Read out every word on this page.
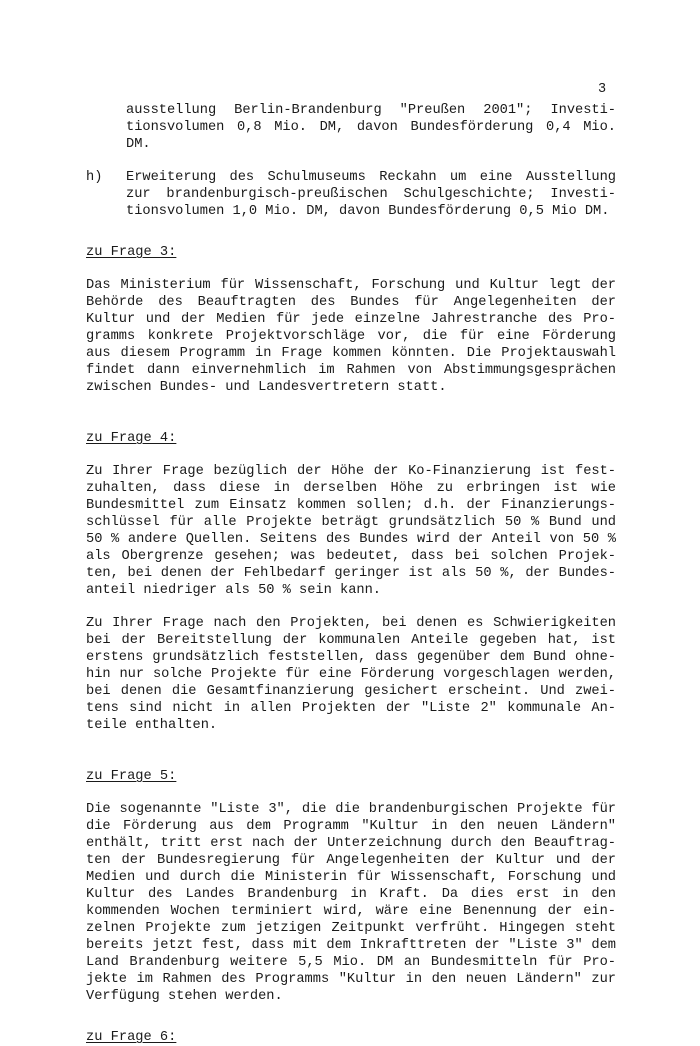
3
ausstellung Berlin-Brandenburg "Preußen 2001"; Investi-
tionsvolumen 0,8 Mio. DM, davon Bundesförderung 0,4 Mio.
DM.
h) Erweiterung des Schulmuseums Reckahn um eine Ausstellung
zur brandenburgisch-preußischen Schulgeschichte; Investi-
tionsvolumen 1,0 Mio. DM, davon Bundesförderung 0,5 Mio DM.
zu Frage 3:
Das Ministerium für Wissenschaft, Forschung und Kultur legt der
Behörde des Beauftragten des Bundes für Angelegenheiten der
Kultur und der Medien für jede einzelne Jahrestranche des Pro-
gramms konkrete Projektvorschläge vor, die für eine Förderung
aus diesem Programm in Frage kommen könnten. Die Projektauswahl
findet dann einvernehmlich im Rahmen von Abstimmungsgesprächen
zwischen Bundes- und Landesvertretern statt.
zu Frage 4:
Zu Ihrer Frage bezüglich der Höhe der Ko-Finanzierung ist fest-
zuhalten, dass diese in derselben Höhe zu erbringen ist wie
Bundesmittel zum Einsatz kommen sollen; d.h. der Finanzierungs-
schlüssel für alle Projekte beträgt grundsätzlich 50 % Bund und
50 % andere Quellen. Seitens des Bundes wird der Anteil von 50 %
als Obergrenze gesehen; was bedeutet, dass bei solchen Projek-
ten, bei denen der Fehlbedarf geringer ist als 50 %, der Bundes-
anteil niedriger als 50 % sein kann.
Zu Ihrer Frage nach den Projekten, bei denen es Schwierigkeiten
bei der Bereitstellung der kommunalen Anteile gegeben hat, ist
erstens grundsätzlich feststellen, dass gegenüber dem Bund ohne-
hin nur solche Projekte für eine Förderung vorgeschlagen werden,
bei denen die Gesamtfinanzierung gesichert erscheint. Und zwei-
tens sind nicht in allen Projekten der "Liste 2" kommunale An-
teile enthalten.
zu Frage 5:
Die sogenannte "Liste 3", die die brandenburgischen Projekte für
die Förderung aus dem Programm "Kultur in den neuen Ländern"
enthält, tritt erst nach der Unterzeichnung durch den Beauftrag-
ten der Bundesregierung für Angelegenheiten der Kultur und der
Medien und durch die Ministerin für Wissenschaft, Forschung und
Kultur des Landes Brandenburg in Kraft. Da dies erst in den
kommenden Wochen terminiert wird, wäre eine Benennung der ein-
zelnen Projekte zum jetzigen Zeitpunkt verfrüht. Hingegen steht
bereits jetzt fest, dass mit dem Inkrafttreten der "Liste 3" dem
Land Brandenburg weitere 5,5 Mio. DM an Bundesmitteln für Pro-
jekte im Rahmen des Programms "Kultur in den neuen Ländern" zur
Verfügung stehen werden.
zu Frage 6:
